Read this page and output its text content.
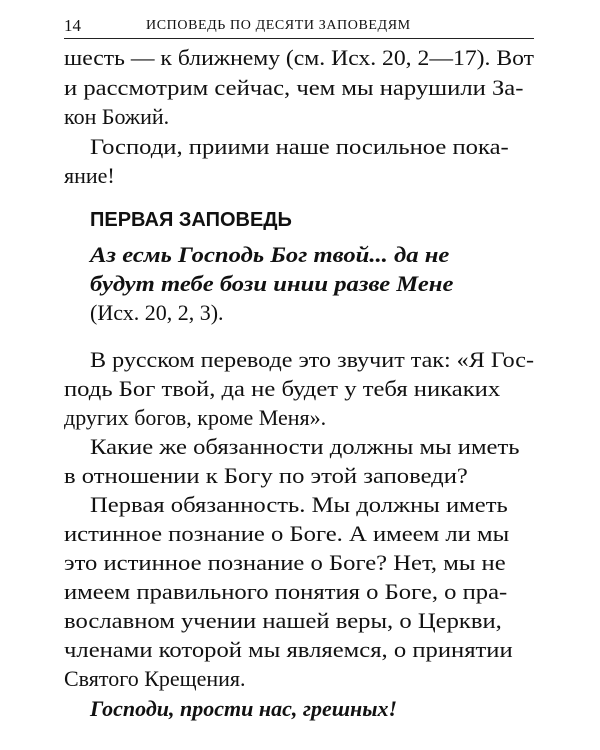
14	ИСПОВЕДЬ ПО ДЕСЯТИ ЗАПОВЕДЯМ
шесть — к ближнему (см. Исх. 20, 2—17). Вот
и рассмотрим сейчас, чем мы нарушили За-
кон Божий.
Господи, приими наше посильное пока-
яние!
ПЕРВАЯ ЗАПОВЕДЬ
Аз есмь Господь Бог твой... да не
будут тебе бози инии разве Мене
(Исх. 20, 2, 3).
В русском переводе это звучит так: «Я Гос-
подь Бог твой, да не будет у тебя никаких
других богов, кроме Меня».
Какие же обязанности должны мы иметь
в отношении к Богу по этой заповеди?
Первая обязанность. Мы должны иметь
истинное познание о Боге. А имеем ли мы
это истинное познание о Боге? Нет, мы не
имеем правильного понятия о Боге, о пра-
вославном учении нашей веры, о Церкви,
членами которой мы являемся, о принятии
Святого Крещения.
Господи, прости нас, грешных!
